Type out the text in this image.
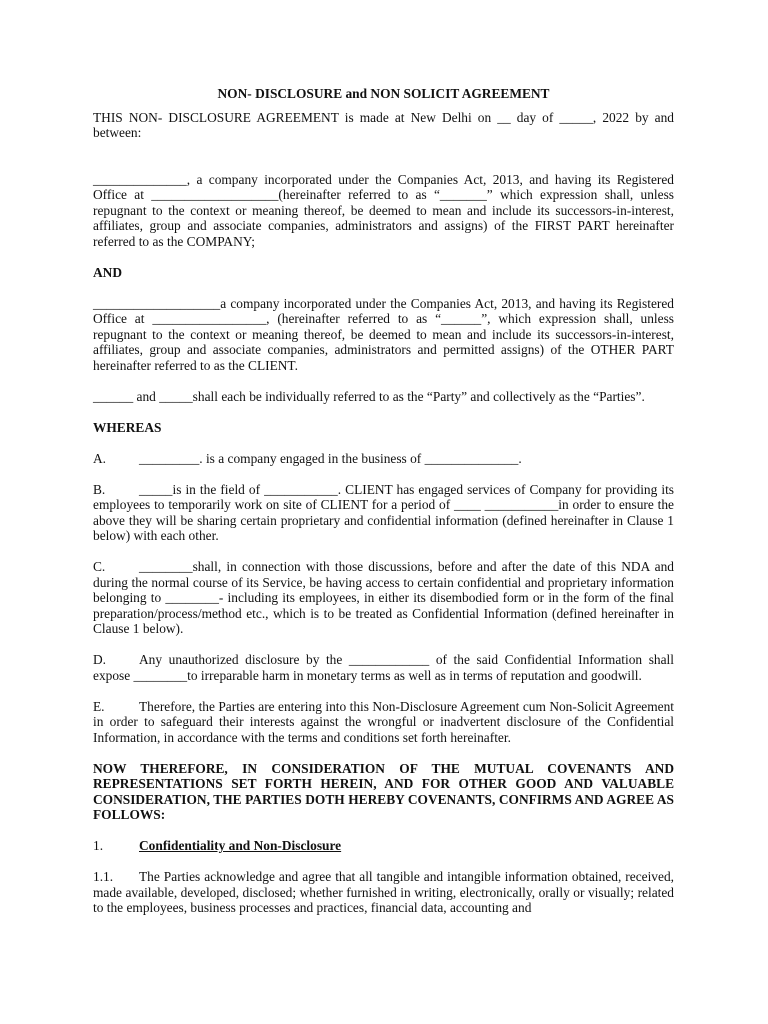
NON- DISCLOSURE and NON SOLICIT AGREEMENT

THIS NON- DISCLOSURE AGREEMENT is made at New Delhi on __ day of _____, 2022 by and between:

______________, a company incorporated under the Companies Act, 2013, and having its Registered Office at ___________________(hereinafter referred to as “_______” which expression shall, unless repugnant to the context or meaning thereof, be deemed to mean and include its successors-in-interest, affiliates, group and associate companies, administrators and assigns) of the FIRST PART hereinafter referred to as the COMPANY;

AND

___________________a company incorporated under the Companies Act, 2013, and having its Registered Office at _________________, (hereinafter referred to as “______”, which expression shall, unless repugnant to the context or meaning thereof, be deemed to mean and include its successors-in-interest, affiliates, group and associate companies, administrators and permitted assigns) of the OTHER PART hereinafter referred to as the CLIENT.

______ and _____shall each be individually referred to as the “Party” and collectively as the “Parties”.

WHEREAS

A. _________. is a company engaged in the business of ______________.

B.	_____is in the field of ___________. CLIENT has engaged services of Company for providing its employees to temporarily work on site of CLIENT for a period of ____ ___________in order to ensure the above they will be sharing certain proprietary and confidential information (defined hereinafter in Clause 1 below) with each other.

C.	________shall, in connection with those discussions, before and after the date of this NDA and during the normal course of its Service, be having access to certain confidential and proprietary information belonging to ________- including its employees, in either its disembodied form or in the form of the final preparation/process/method etc., which is to be treated as Confidential Information (defined hereinafter in Clause 1 below).

D. Any unauthorized disclosure by the ____________ of the said Confidential Information shall expose ________to irreparable harm in monetary terms as well as in terms of reputation and goodwill.

E.	Therefore, the Parties are entering into this Non-Disclosure Agreement cum Non-Solicit Agreement in order to safeguard their interests against the wrongful or inadvertent disclosure of the Confidential Information, in accordance with the terms and conditions set forth hereinafter.

NOW THEREFORE, IN CONSIDERATION OF THE MUTUAL COVENANTS AND REPRESENTATIONS SET FORTH HEREIN, AND FOR OTHER GOOD AND VALUABLE CONSIDERATION, THE PARTIES DOTH HEREBY COVENANTS, CONFIRMS AND AGREE AS FOLLOWS:

1.	Confidentiality and Non-Disclosure

1.1. The Parties acknowledge and agree that all tangible and intangible information obtained, received, made available, developed, disclosed; whether furnished in writing, electronically, orally or visually; related to the employees, business processes and practices, financial data, accounting and
